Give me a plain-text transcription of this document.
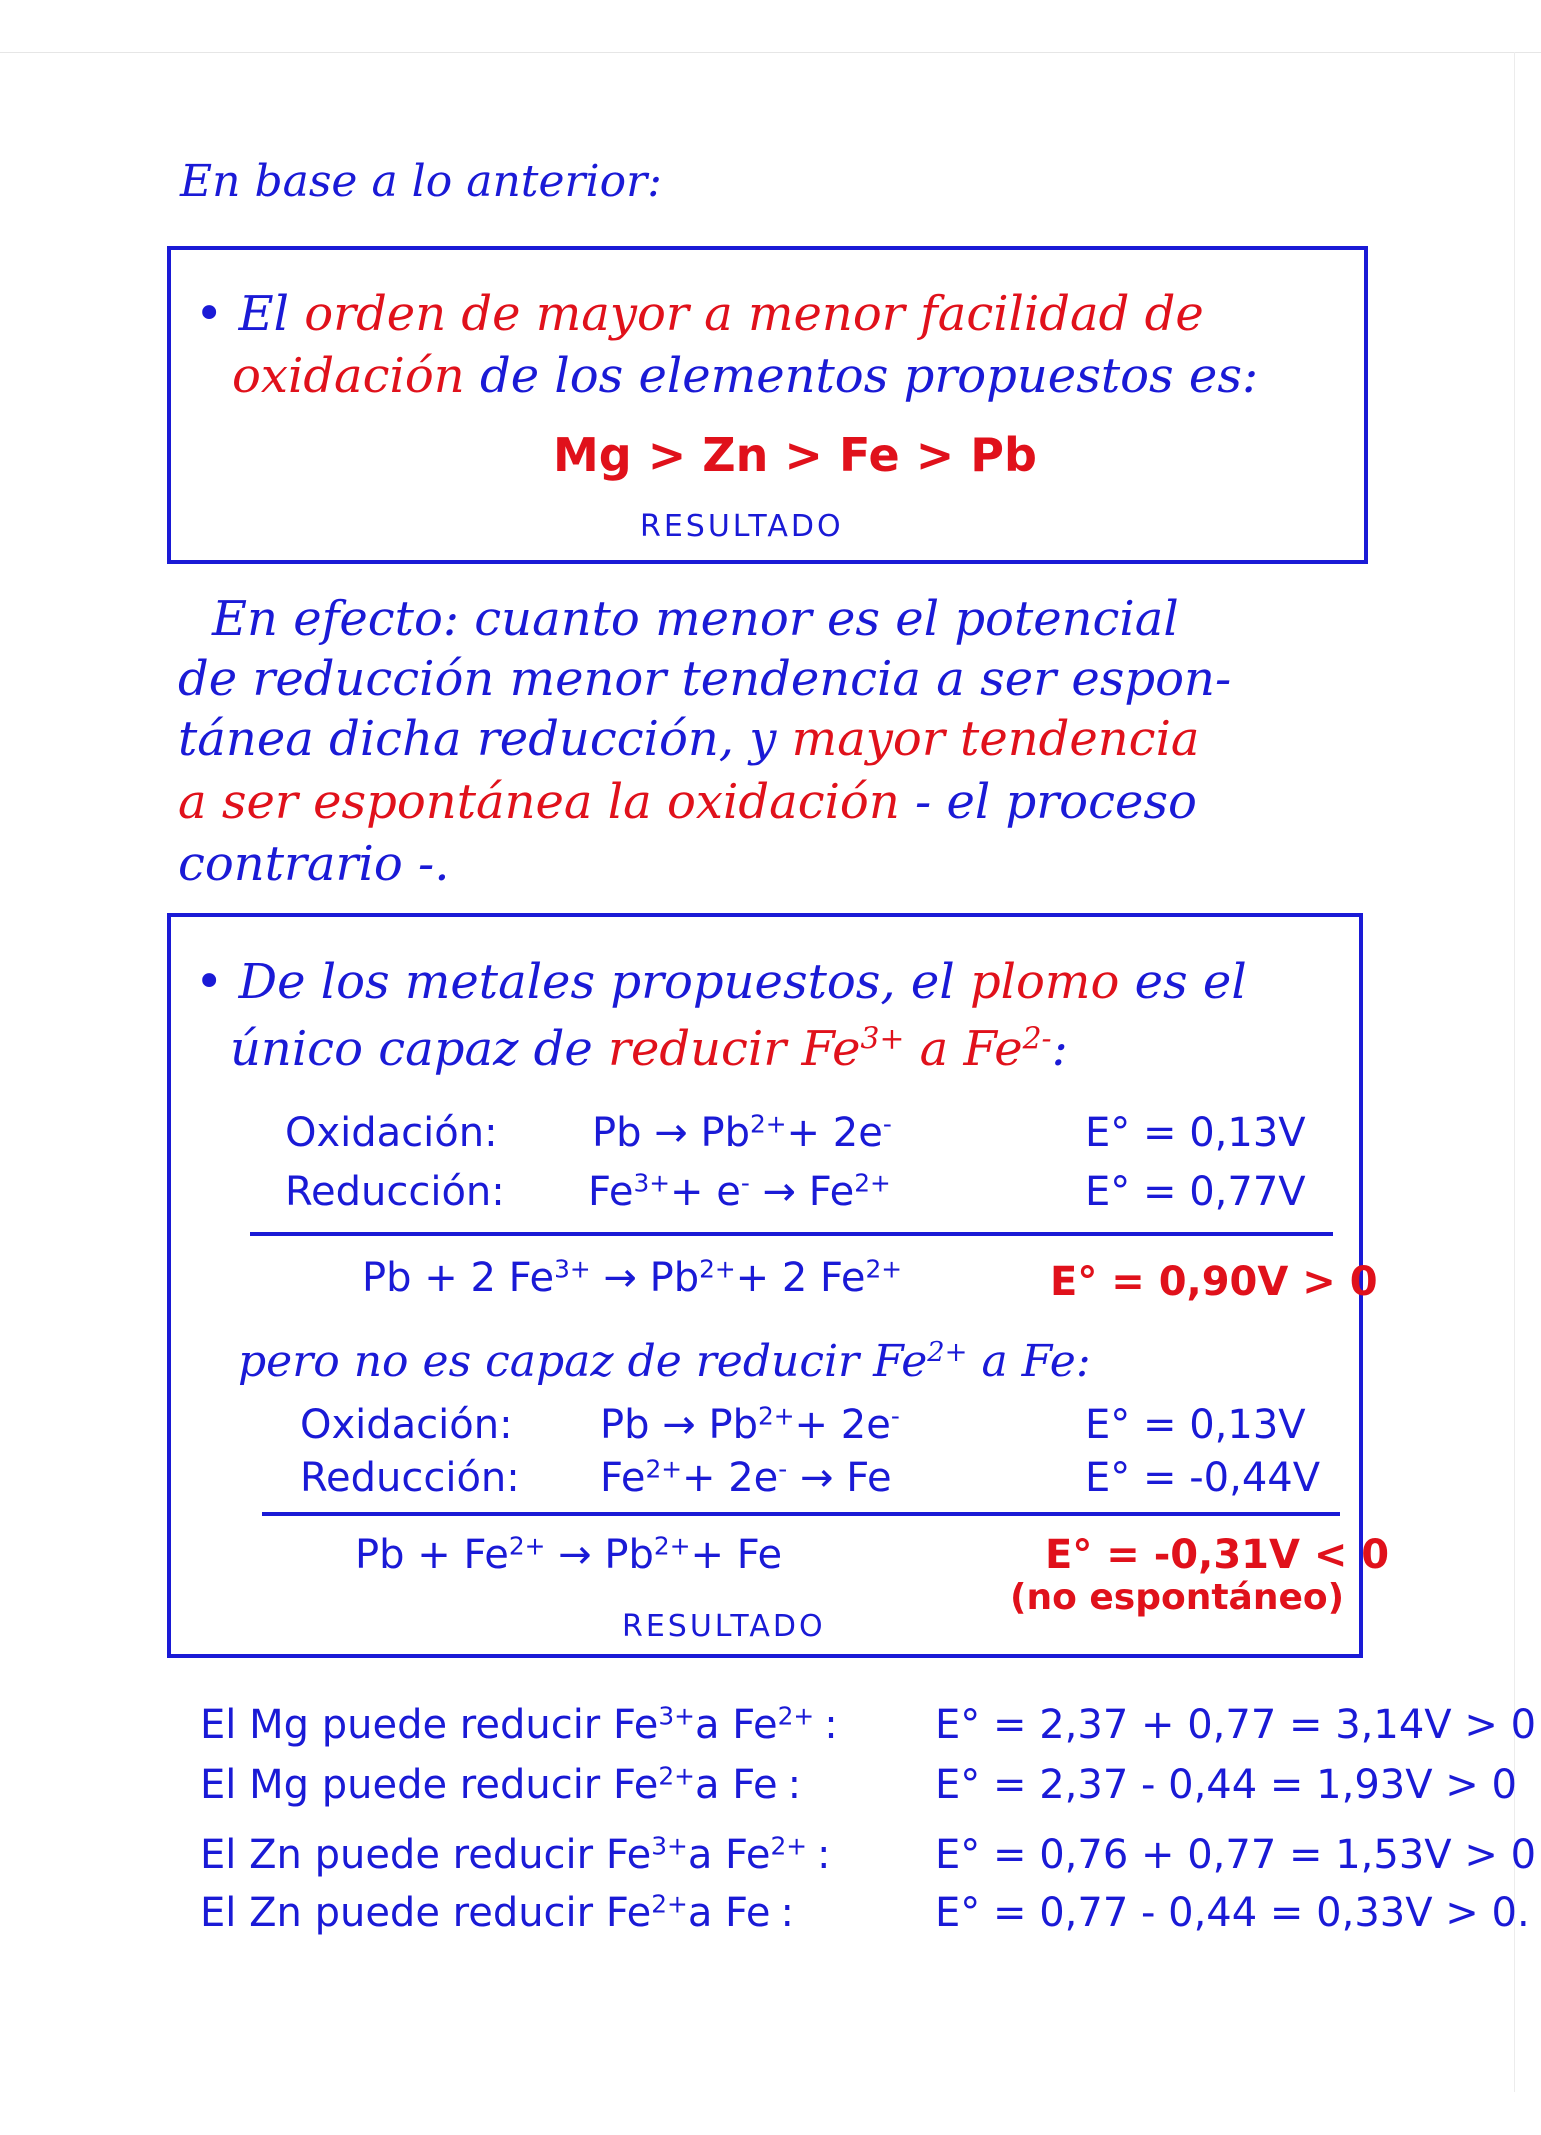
En base a lo anterior:
• El orden de mayor a menor facilidad de
oxidación de los elementos propuestos es:
Mg > Zn > Fe > Pb
RESULTADO
En efecto: cuanto menor es el potencial
de reducción menor tendencia a ser espon-
tánea dicha reducción, y mayor tendencia
a ser espontánea la oxidación - el proceso
contrario -.
• De los metales propuestos, el plomo es el
único capaz de reducir $Fe^{3+}$ a $Fe^{2-}$:
Oxidación: $Pb \to Pb^{2+}+ 2e^-$	E° = 0,13V
Reducción: $Fe^{3+}+ e^- \to Fe^{2+}$	E° = 0,77V
Pb + 2 $Fe^{3+} \to Pb^{2+}+ 2$ $Fe^{2+}$	E° = 0,90V > 0
pero no es capaz de reducir $Fe^{2+}$ a Fe:
Oxidación: $Pb \to Pb^{2+}+ 2e^-$	E° = 0,13V
Reducción: $Fe^{2+}+ 2e^- \to Fe$	E° = -0,44V
$Pb + Fe^{2+} \to Pb^{2+}+ Fe$	E° = -0,31V < 0
(no espontáneo)
RESULTADO
El Mg puede reducir $Fe^{3+}a$ $Fe^{2+}$ : E° = 2,37 + 0,77 = 3,14V > 0
El Mg puede reducir $Fe^{2+}a$ Fe :	E° = 2,37 - 0,44 = 1,93V > 0
El Zn puede reducir $Fe^{3+}a$ $Fe^{2+}$ :	E° = 0,76 + 0,77 = 1,53V > 0
El Zn puede reducir $Fe^{2+}a$ Fe :	E° = 0,77 - 0,44 = 0,33V > 0.
